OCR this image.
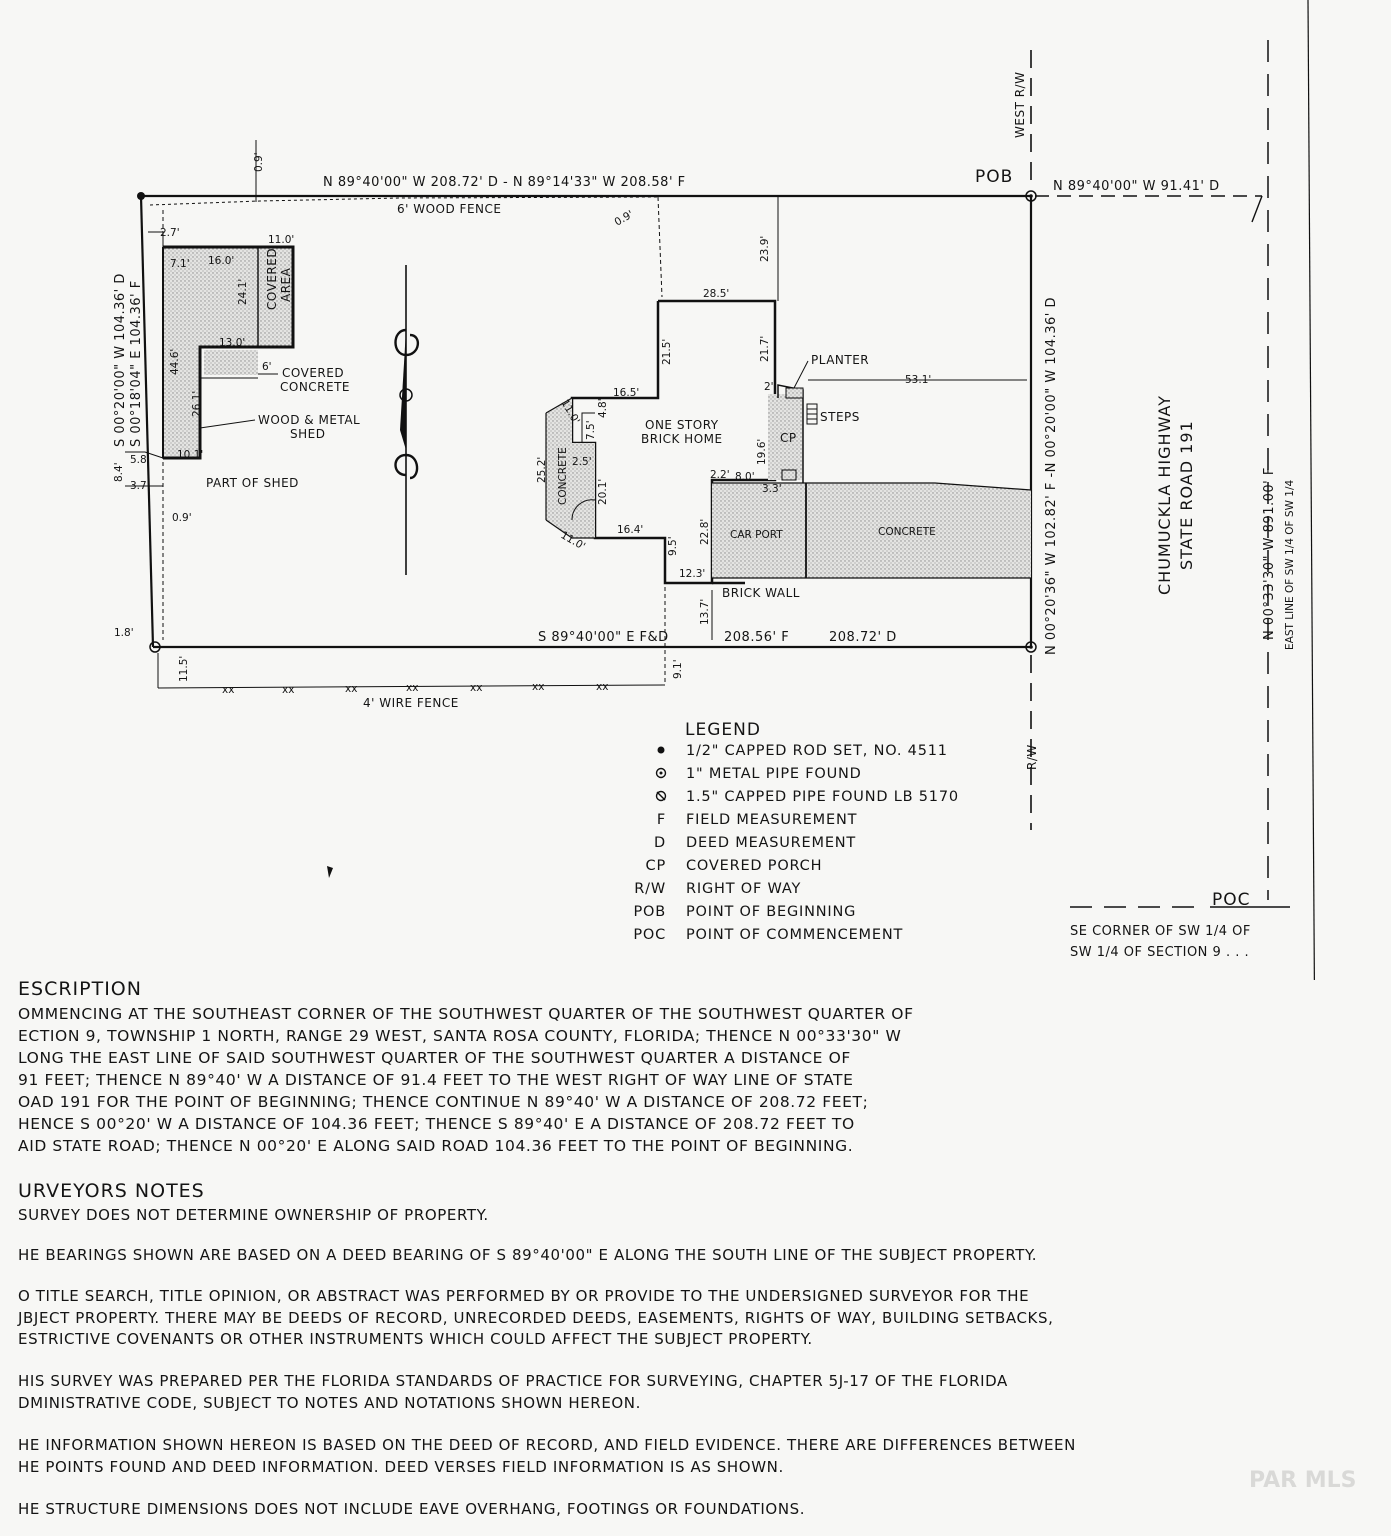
xx	xx	xx	xx	xx	xx	xx
CHUMUCKLA HIGHWAY STATE ROAD 191
N 89°40'00" W 208.72' D - N 89°14'33" W 208.58' F	N 89°40'00" W 91.41' D
S 89°40'00" E F&D	208.56' F	208.72' D
S 00°20'00" W 104.36' D S 00°18'04" E 104.36' F	N 00°20'36" W 102.82' F -N 00°20'00" W 104.36' D	N 00°33'30" W 891.00' F EAST LINE OF SW 1/4 OF SW 1/4
WEST R/W
POB
R/W
POC
SE CORNER OF SW 1/4 OF
SW 1/4 OF SECTION 9 . . .
6' WOOD FENCE
4' WIRE FENCE
COVERED AREA
COVERED
CONCRETE
WOOD & METAL
SHED
PART OF SHED
ONE STORY
BRICK HOME
PLANTER
STEPS
CP
CAR PORT	CONCRETE
CONCRETE
BRICK WALL
0.9'
0.9'
0.9'
2.7'
11.0'
7.1' 16.0'
24.1'
13.0'
44.6'	6'
26.1'
10.1'
5.8'
8.4'
3.7'
1.8'
11.5'	9.1'
23.9'
28.5'
21.5'	21.7'
2'
53.1'
16.5'
11.0' 4.8'
7.5'
2.5'
25.2'
20.1'
11.0'	16.4'
9.5'
22.8'
12.3'
2.2' 8.0'
19.6'
3.3'
13.7'
LEGEND
1/2" CAPPED ROD SET, NO. 4511
1" METAL PIPE FOUND
1.5" CAPPED PIPE FOUND LB 5170
F FIELD MEASUREMENT
D DEED MEASUREMENT
CP COVERED PORCH
R/W RIGHT OF WAY
POB POINT OF BEGINNING
POC POINT OF COMMENCEMENT
ESCRIPTION
OMMENCING AT THE SOUTHEAST CORNER OF THE SOUTHWEST QUARTER OF THE SOUTHWEST QUARTER OF
ECTION 9, TOWNSHIP 1 NORTH, RANGE 29 WEST, SANTA ROSA COUNTY, FLORIDA; THENCE N 00°33'30" W
LONG THE EAST LINE OF SAID SOUTHWEST QUARTER OF THE SOUTHWEST QUARTER A DISTANCE OF
91 FEET; THENCE N 89°40' W A DISTANCE OF 91.4 FEET TO THE WEST RIGHT OF WAY LINE OF STATE
OAD 191 FOR THE POINT OF BEGINNING; THENCE CONTINUE N 89°40' W A DISTANCE OF 208.72 FEET;
HENCE S 00°20' W A DISTANCE OF 104.36 FEET; THENCE S 89°40' E A DISTANCE OF 208.72 FEET TO
AID STATE ROAD; THENCE N 00°20' E ALONG SAID ROAD 104.36 FEET TO THE POINT OF BEGINNING.
URVEYORS NOTES
SURVEY DOES NOT DETERMINE OWNERSHIP OF PROPERTY.
HE BEARINGS SHOWN ARE BASED ON A DEED BEARING OF S 89°40'00" E ALONG THE SOUTH LINE OF THE SUBJECT PROPERTY.
O TITLE SEARCH, TITLE OPINION, OR ABSTRACT WAS PERFORMED BY OR PROVIDE TO THE UNDERSIGNED SURVEYOR FOR THE
JBJECT PROPERTY. THERE MAY BE DEEDS OF RECORD, UNRECORDED DEEDS, EASEMENTS, RIGHTS OF WAY, BUILDING SETBACKS,
ESTRICTIVE COVENANTS OR OTHER INSTRUMENTS WHICH COULD AFFECT THE SUBJECT PROPERTY.
HIS SURVEY WAS PREPARED PER THE FLORIDA STANDARDS OF PRACTICE FOR SURVEYING, CHAPTER 5J-17 OF THE FLORIDA
DMINISTRATIVE CODE, SUBJECT TO NOTES AND NOTATIONS SHOWN HEREON.
HE INFORMATION SHOWN HEREON IS BASED ON THE DEED OF RECORD, AND FIELD EVIDENCE. THERE ARE DIFFERENCES BETWEEN
HE POINTS FOUND AND DEED INFORMATION. DEED VERSES FIELD INFORMATION IS AS SHOWN.
HE STRUCTURE DIMENSIONS DOES NOT INCLUDE EAVE OVERHANG, FOOTINGS OR FOUNDATIONS.
PAR MLS
